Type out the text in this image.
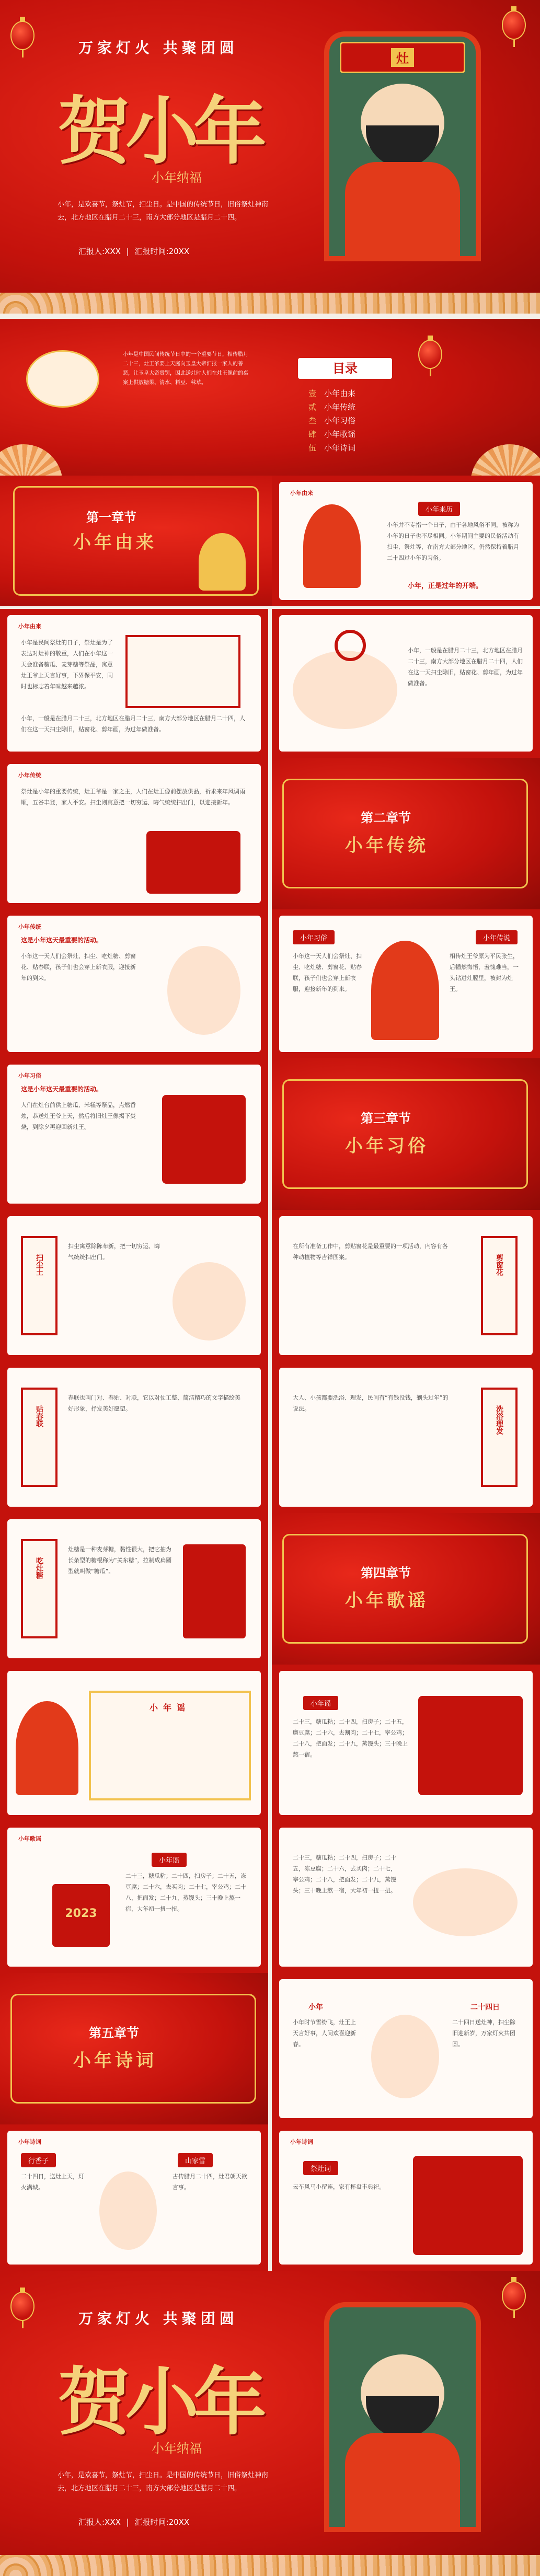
万家灯火 共聚团圆
贺小年
小年纳福
小年，是欢喜节，祭灶节，扫尘日。是中国的传统节日，旧俗祭灶神南去，北方地区在腊月二十三，南方大部分地区是腊月二十四。
汇报人:XXX | 汇报时间:20XX
灶
小年是中国民间传统节日中的一个重要节日，相传腊月二十三，灶王爷要上天庭向玉皇大帝汇报一家人的善恶，让玉皇大帝赏罚，因此送灶时人们在灶王像前的桌案上供放糖果、清水、料豆、秣草。
目录
壹　 小年由来
贰　 小年传统
叁　 小年习俗
肆　 小年歌谣
伍　 小年诗词
第一章节
小年由来
小年由来
小年来历
小年并不专指一个日子，由于各地风俗不同，被称为小年的日子也不尽相同。小年期间主要的民俗活动有扫尘、祭灶等，在南方大部分地区，仍然保持着腊月二十四过小年的习俗。
小年，正是过年的开端。
小年由来
小年是民间祭灶的日子，祭灶是为了表达对灶神的敬重，人们在小年这一天会准备糖瓜、麦芽糖等祭品，寓意灶王爷上天言好事，下界保平安，同时也标志着年味越来越浓。
小年，一般是在腊月二十三，北方地区在腊月二十三，南方大部分地区在腊月二十四，人们在这一天扫尘除旧，贴窗花、剪年画，为过年做准备。
小年，一般是在腊月二十三，北方地区在腊月二十三，南方大部分地区在腊月二十四，人们在这一天扫尘除旧，贴窗花、剪年画，为过年做准备。
小年传统
祭灶是小年的重要传统，灶王爷是一家之主，人们在灶王像前摆放供品，祈求来年风调雨顺，五谷丰登，家人平安。扫尘则寓意把一切穷运、晦气统统扫出门，以迎接新年。
第二章节
小年传统
小年传统
这是小年这天最重要的活动。
小年这一天人们会祭灶、扫尘、吃灶糖、剪窗花、贴春联，孩子们也会穿上新衣服，迎接新年的到来。
小年习俗	小年传说
小年这一天人们会祭灶、扫尘、吃灶糖、剪窗花、贴春联，孩子们也会穿上新衣服，迎接新年的到来。
相传灶王爷原为平民张生，后幡然悔悟，羞愧难当，一头钻进灶膛里，被封为灶王。
小年习俗
这是小年这天最重要的活动。
人们在灶台前供上糖瓜、米糕等祭品，点燃香烛，恭送灶王爷上天，然后将旧灶王像揭下焚烧，到除夕再迎回新灶王。
第三章节
小年习俗
扫尘土
扫尘寓意除陈布新，把一切穷运、晦气统统扫出门。
在所有准备工作中，剪贴窗花是最重要的一项活动，内容有各种动植物等吉祥图案。	剪窗花
贴春联
春联也叫门对、春贴、对联，它以对仗工整、简洁精巧的文字描绘美好形象，抒发美好愿望。
大人、小孩都要洗浴、理发，民间有“有钱没钱，剃头过年”的说法。	洗浴理发
吃灶糖
灶糖是一种麦芽糖，黏性很大，把它抽为长条型的糖棍称为“关东糖”，拉制成扁圆型就叫做“糖瓜”。	第四章节
小年歌谣
小年谣	小年谣
二十三，糖瓜粘；二十四，扫房子；二十五，磨豆腐；二十六，去割肉；二十七，宰公鸡；二十八，把面发；二十九，蒸馒头；三十晚上熬一宿。
小年歌谣
2023
小年谣
二十三，糖瓜粘；二十四，扫房子；二十五，冻豆腐；二十六，去买肉；二十七，宰公鸡；二十八，把面发；二十九，蒸馒头；三十晚上熬一宿，大年初一扭一扭。
二十三，糖瓜粘；二十四，扫房子；二十五，冻豆腐；二十六，去买肉；二十七，宰公鸡；二十八，把面发；二十九，蒸馒头；三十晚上熬一宿，大年初一扭一扭。
第五章节
小年诗词
小年
小年时节雪纷飞，灶王上天言好事，人间欢喜迎新春。
二十四日
二十四日送灶神，扫尘除旧迎新岁，万家灯火共团圆。
小年诗词
行香子
二十四日，送灶上天，灯火满城。
山家雪
古传腊月二十四，灶君朝天欲言事。
小年诗词
祭灶词
云车风马小留连，家有杯盘丰典祀。
万家灯火 共聚团圆
贺小年
小年纳福
小年，是欢喜节，祭灶节，扫尘日。是中国的传统节日，旧俗祭灶神南去，北方地区在腊月二十三，南方大部分地区是腊月二十四。
汇报人:XXX | 汇报时间:20XX
